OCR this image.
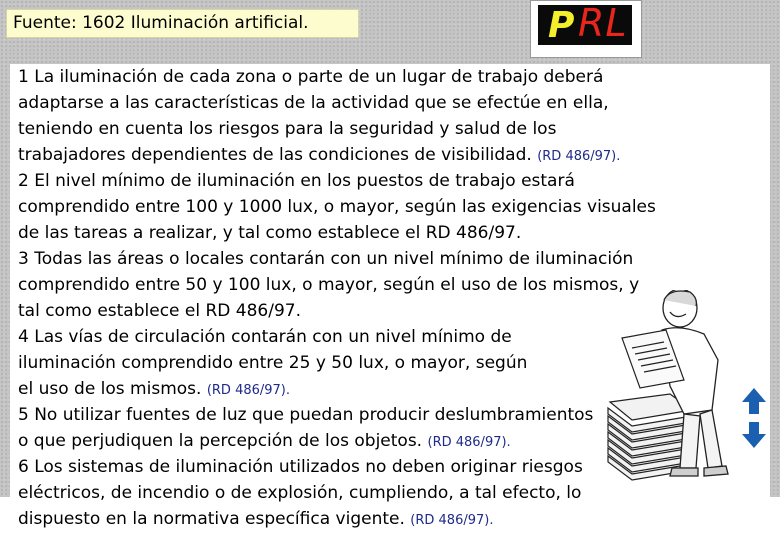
Fuente: 1602 Iluminación artificial.	P RL
1 La iluminación de cada zona o parte de un lugar de trabajo deberá
adaptarse a las características de la actividad que se efectúe en ella,
teniendo en cuenta los riesgos para la seguridad y salud de los
trabajadores dependientes de las condiciones de visibilidad. (RD 486/97).
2 El nivel mínimo de iluminación en los puestos de trabajo estará
comprendido entre 100 y 1000 lux, o mayor, según las exigencias visuales
de las tareas a realizar, y tal como establece el RD 486/97.
3 Todas las áreas o locales contarán con un nivel mínimo de iluminación
comprendido entre 50 y 100 lux, o mayor, según el uso de los mismos, y
tal como establece el RD 486/97.
4 Las vías de circulación contarán con un nivel mínimo de
iluminación comprendido entre 25 y 50 lux, o mayor, según
el uso de los mismos. (RD 486/97).
5 No utilizar fuentes de luz que puedan producir deslumbramientos
o que perjudiquen la percepción de los objetos. (RD 486/97).
6 Los sistemas de iluminación utilizados no deben originar riesgos
eléctricos, de incendio o de explosión, cumpliendo, a tal efecto, lo
dispuesto en la normativa específica vigente. (RD 486/97).
